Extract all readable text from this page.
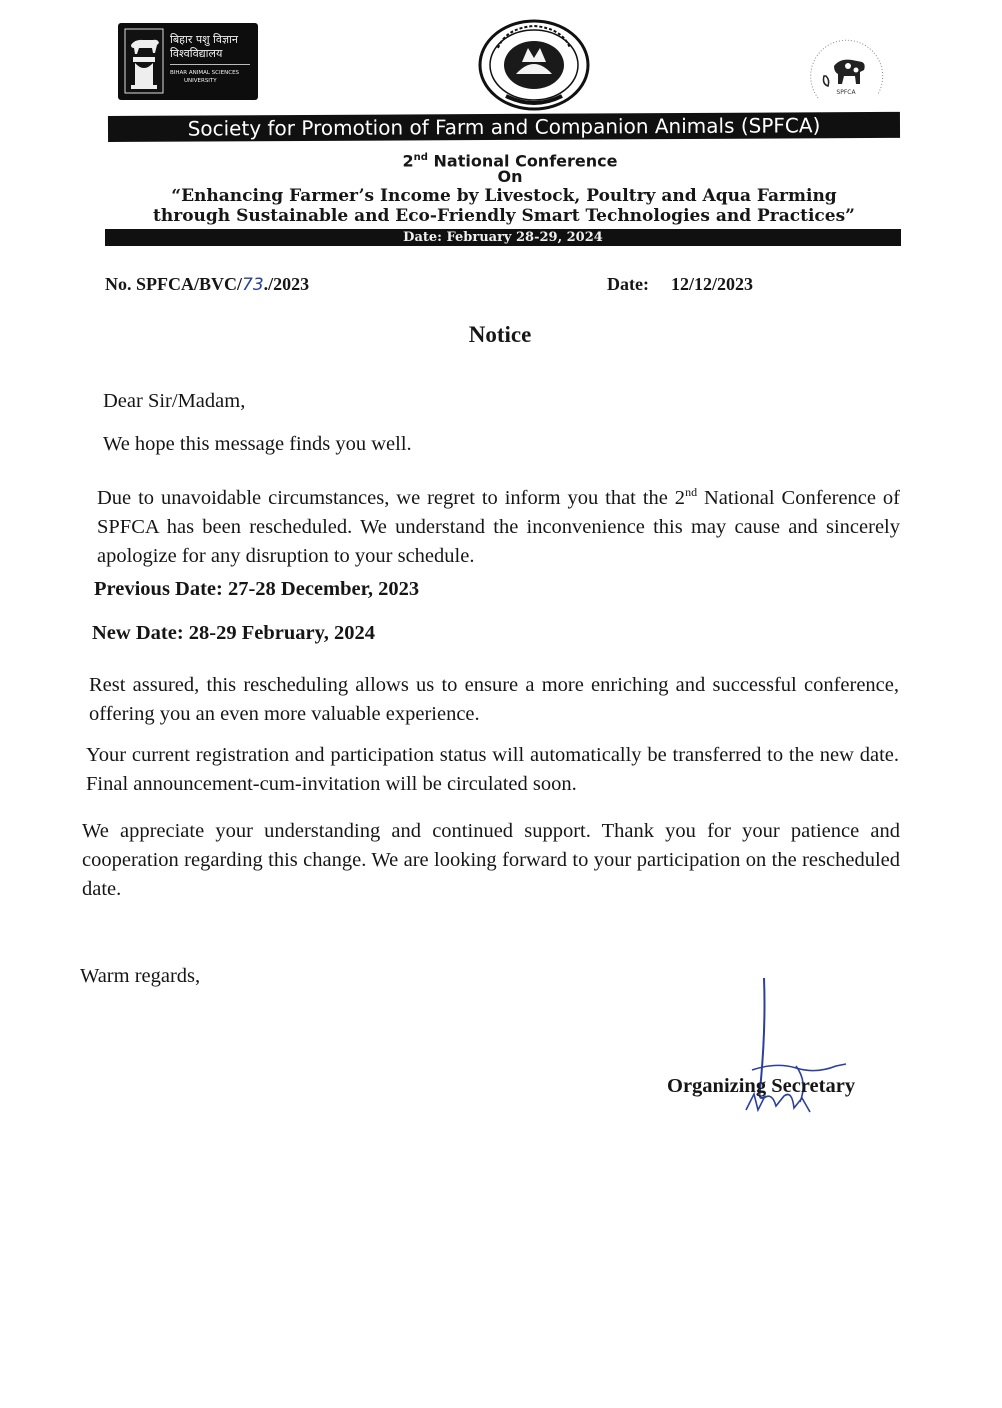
बिहार पशु विज्ञान
विश्वविद्यालय
BIHAR ANIMAL SCIENCES
UNIVERSITY
SPFCA
Society for Promotion of Farm and Companion Animals (SPFCA)
2nd National Conference
On
“Enhancing Farmer’s Income by Livestock, Poultry and Aqua Farming
through Sustainable and Eco-Friendly Smart Technologies and Practices”
Date: February 28-29, 2024
No. SPFCA/BVC/73./2023	Date: 12/12/2023
Notice
Dear Sir/Madam,
We hope this message finds you well.
Due to unavoidable circumstances, we regret to inform you that the 2nd National Conference of SPFCA has been rescheduled. We understand the inconvenience this may cause and sincerely apologize for any disruption to your schedule.
Previous Date: 27-28 December, 2023
New Date: 28-29 February, 2024
Rest assured, this rescheduling allows us to ensure a more enriching and successful conference, offering you an even more valuable experience.
Your current registration and participation status will automatically be transferred to the new date. Final announcement-cum-invitation will be circulated soon.
We appreciate your understanding and continued support. Thank you for your patience and cooperation regarding this change. We are looking forward to your participation on the rescheduled date.
Warm regards,
Organizing Secretary
